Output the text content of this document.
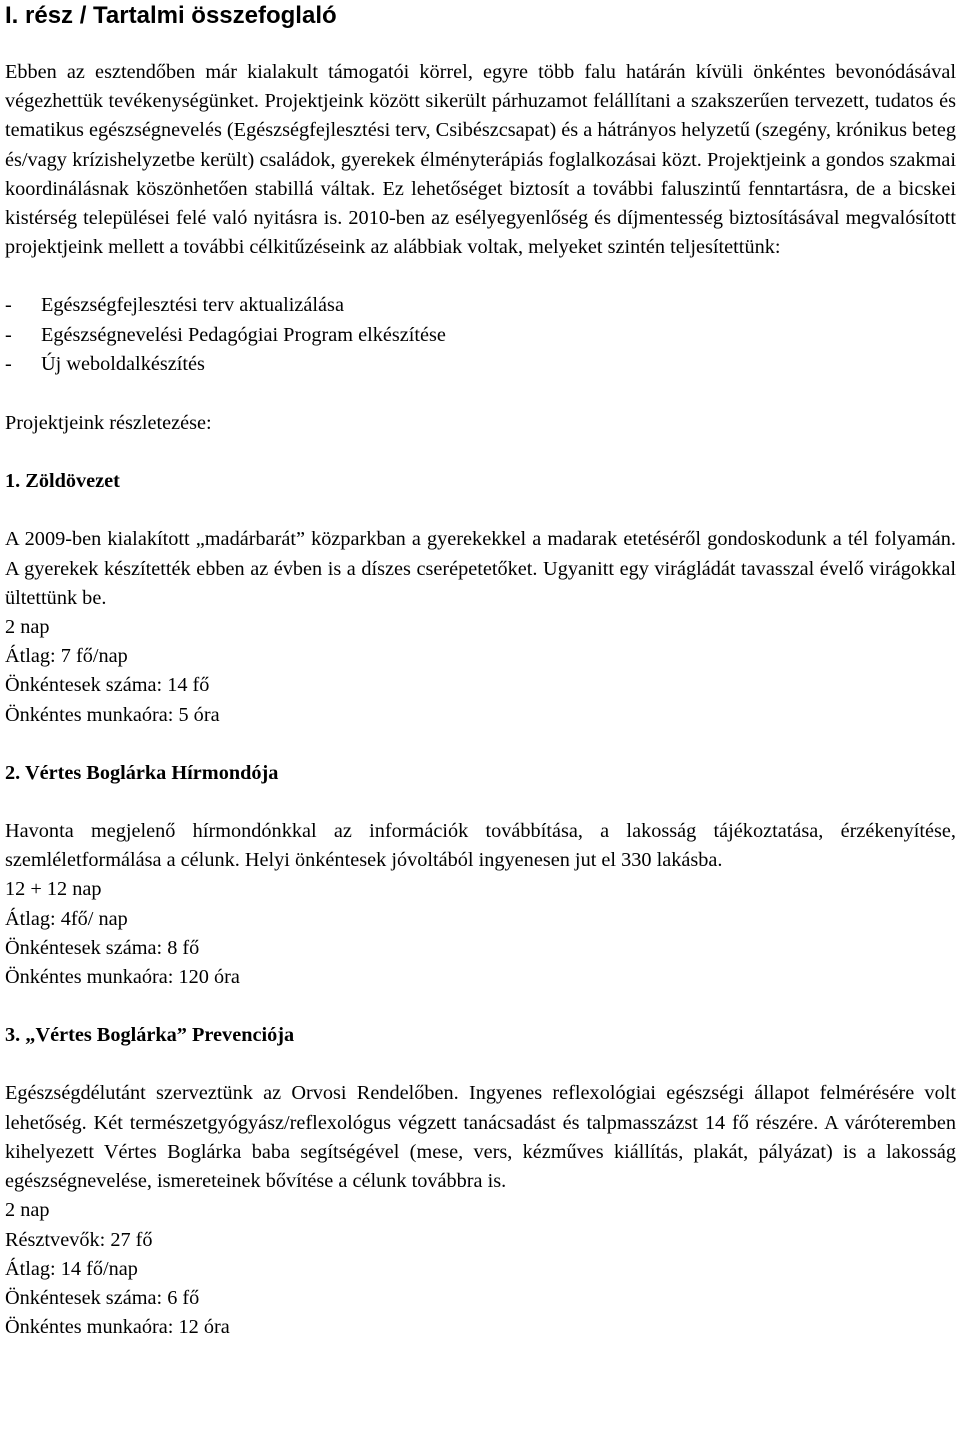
I. rész / Tartalmi összefoglaló

Ebben az esztendőben már kialakult támogatói körrel, egyre több falu határán kívüli önkéntes bevonódásával végezhettük tevékenységünket. Projektjeink között sikerült párhuzamot felállítani a szakszerűen tervezett, tudatos és tematikus egészségnevelés (Egészségfejlesztési terv, Csibészcsapat) és a hátrányos helyzetű (szegény, krónikus beteg és/vagy krízishelyzetbe került) családok, gyerekek élményterápiás foglalkozásai közt. Projektjeink a gondos szakmai koordinálásnak köszönhetően stabillá váltak. Ez lehetőséget biztosít a további faluszintű fenntartásra, de a bicskei kistérség települései felé való nyitásra is. 2010-ben az esélyegyenlőség és díjmentesség biztosításával megvalósított projektjeink mellett a további célkitűzéseink az alábbiak voltak, melyeket szintén teljesítettünk:

-	Egészségfejlesztési terv aktualizálása
-	Egészségnevelési Pedagógiai Program elkészítése
-	Új weboldalkészítés

Projektjeink részletezése:

1. Zöldövezet

A 2009-ben kialakított „madárbarát” közparkban a gyerekekkel a madarak etetéséről gondoskodunk a tél folyamán. A gyerekek készítették ebben az évben is a díszes cserépetetőket. Ugyanitt egy virágládát tavasszal évelő virágokkal ültettünk be.

2 nap

Átlag: 7 fő/nap

Önkéntesek száma: 14 fő

Önkéntes munkaóra: 5 óra

2. Vértes Boglárka Hírmondója

Havonta megjelenő hírmondónkkal az információk továbbítása, a lakosság tájékoztatása, érzékenyítése, szemléletformálása a célunk. Helyi önkéntesek jóvoltából ingyenesen jut el 330 lakásba.

12 + 12 nap

Átlag: 4fő/ nap

Önkéntesek száma: 8 fő

Önkéntes munkaóra: 120 óra

3. „Vértes Boglárka” Prevenciója

Egészségdélutánt szerveztünk az Orvosi Rendelőben. Ingyenes reflexológiai egészségi állapot felmérésére volt lehetőség. Két természetgyógyász/reflexológus végzett tanácsadást és talpmasszázst 14 fő részére. A váróteremben kihelyezett Vértes Boglárka baba segítségével (mese, vers, kézműves kiállítás, plakát, pályázat) is a lakosság egészségnevelése, ismereteinek bővítése a célunk továbbra is.

2 nap

Résztvevők: 27 fő

Átlag: 14 fő/nap

Önkéntesek száma: 6 fő

Önkéntes munkaóra: 12 óra
